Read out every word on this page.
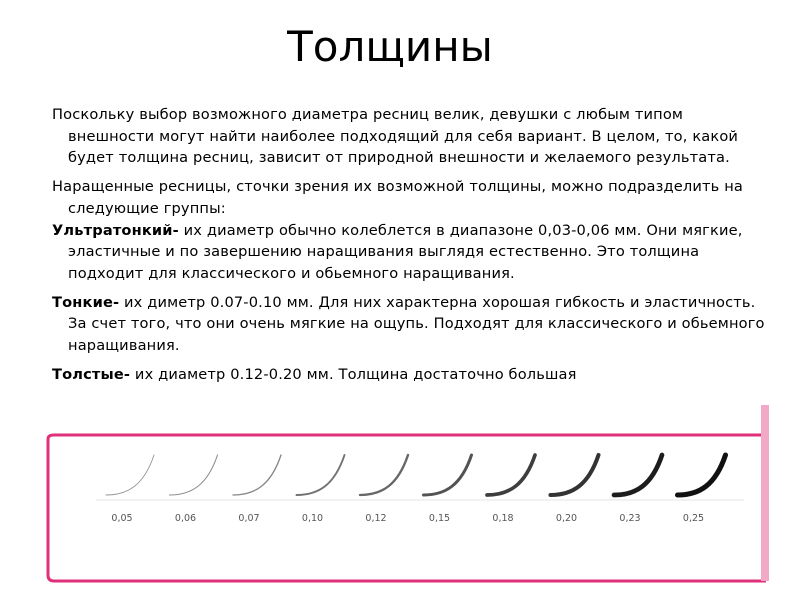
Толщины

Поскольку выбор возможного диаметра ресниц велик, девушки с любым типом внешности могут найти наиболее подходящий для себя вариант. В целом, то, какой будет толщина ресниц, зависит от природной внешности и желаемого результата.

Наращенные ресницы, сточки зрения их возможной толщины, можно подразделить на следующие группы:

Ультратонкий- их диаметр обычно колеблется в диапазоне 0,03-0,06 мм. Они мягкие, эластичные и по завершению наращивания выглядя естественно. Это толщина подходит для классического и обьемного наращивания.

Тонкие- их диметр 0.07-0.10 мм. Для них характерна хорошая гибкость и эластичность. За счет того, что они очень мягкие на ощупь. Подходят для классического и обьемного наращивания.

Толстые- их диаметр 0.12-0.20 мм. Толщина достаточно большая

0,05	0,06	0,07	0,10	0,12	0,15	0,18	0,20	0,23	0,25
